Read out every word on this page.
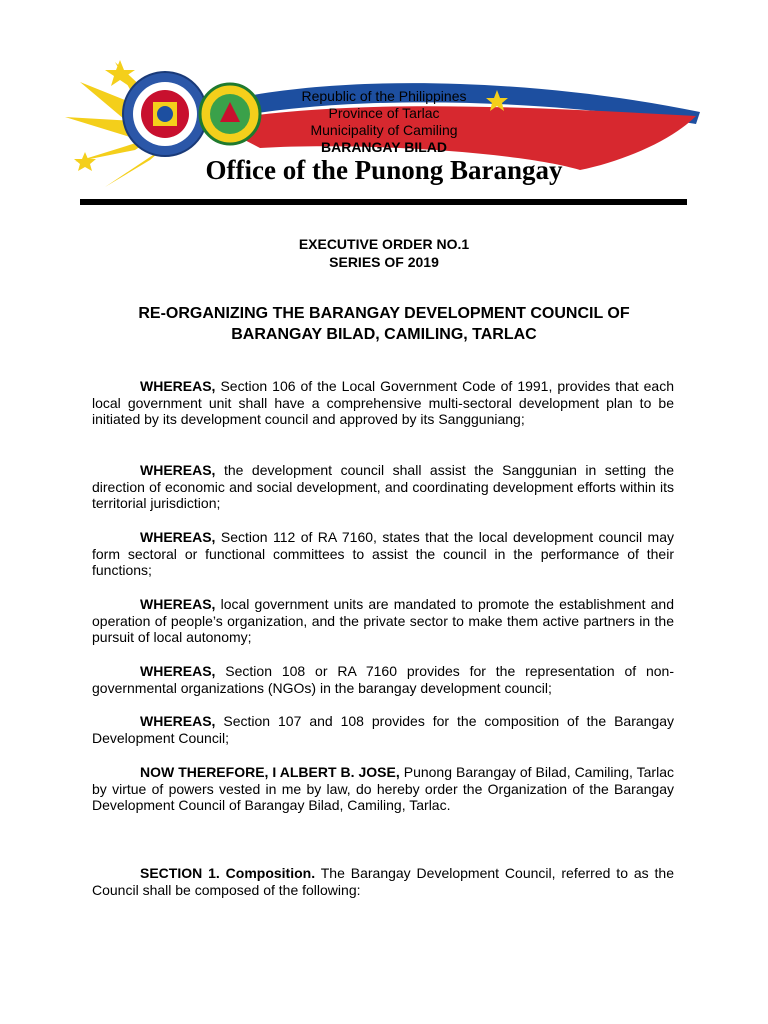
Republic of the Philippines
Province of Tarlac
Municipality of Camiling
BARANGAY BILAD
Office of the Punong Barangay
EXECUTIVE ORDER NO.1
SERIES OF 2019
RE-ORGANIZING THE BARANGAY DEVELOPMENT COUNCIL OF
BARANGAY BILAD, CAMILING, TARLAC

WHEREAS, Section 106 of the Local Government Code of 1991, provides that each local government unit shall have a comprehensive multi-sectoral development plan to be initiated by its development council and approved by its Sangguniang;

WHEREAS, the development council shall assist the Sanggunian in setting the direction of economic and social development, and coordinating development efforts within its territorial jurisdiction;

WHEREAS, Section 112 of RA 7160, states that the local development council may form sectoral or functional committees to assist the council in the performance of their functions;

WHEREAS, local government units are mandated to promote the establishment and operation of people’s organization, and the private sector to make them active partners in the pursuit of local autonomy;

WHEREAS, Section 108 or RA 7160 provides for the representation of non-governmental organizations (NGOs) in the barangay development council;

WHEREAS, Section 107 and 108 provides for the composition of the Barangay Development Council;

NOW THEREFORE, I ALBERT B. JOSE, Punong Barangay of Bilad, Camiling, Tarlac by virtue of powers vested in me by law, do hereby order the Organization of the Barangay Development Council of Barangay Bilad, Camiling, Tarlac.

SECTION 1. Composition. The Barangay Development Council, referred to as the Council shall be composed of the following:
